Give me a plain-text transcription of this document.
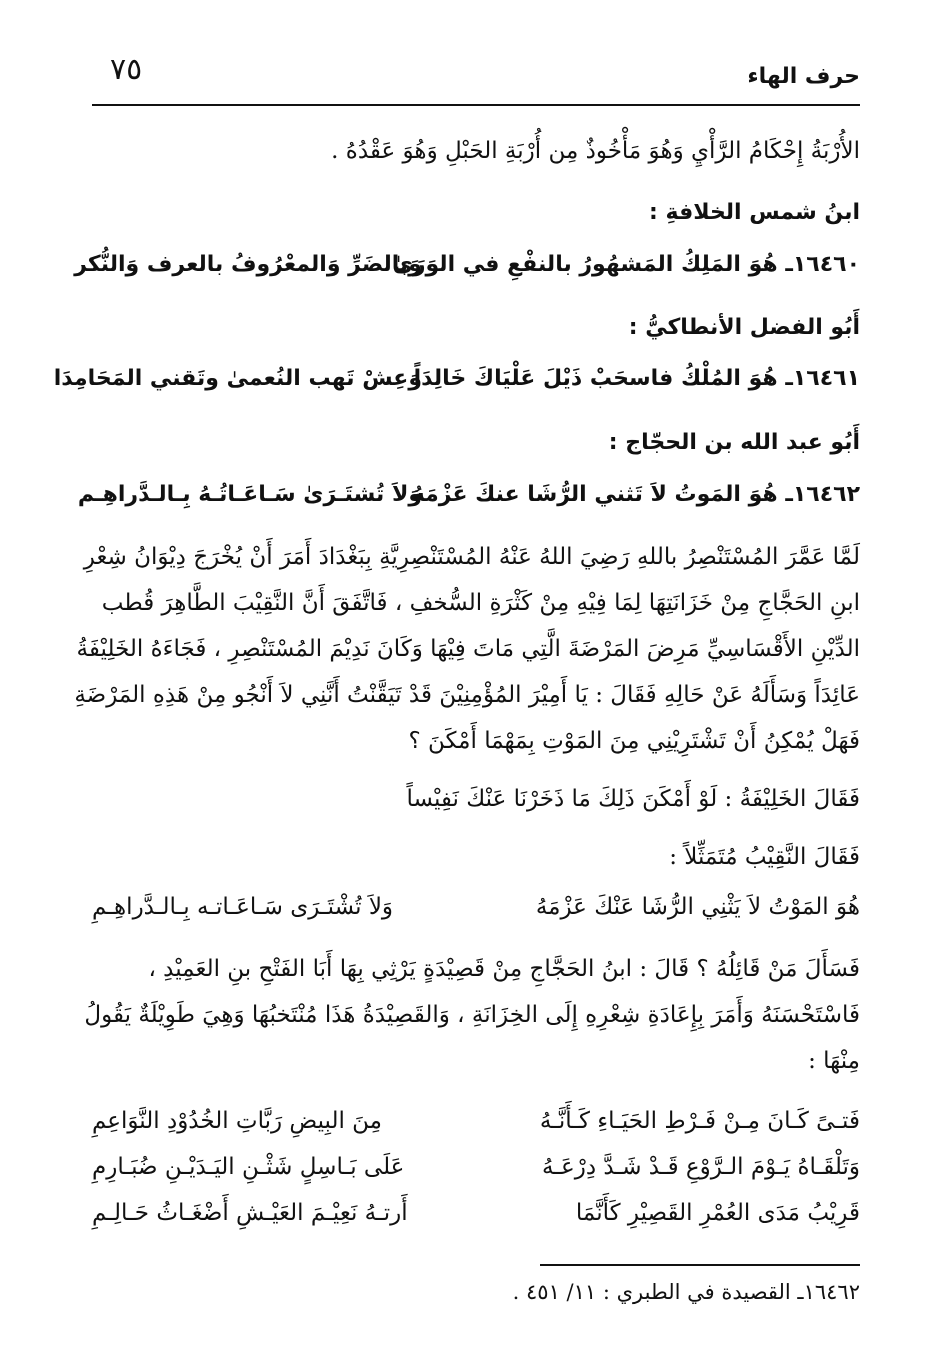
حرف الهاء
٧٥
الأُرْبَةُ إِحْكَامُ الرَّأْيِ وَهُوَ مَأْخُوذٌ مِن أُرْبَةِ الحَبْلِ وَهُوَ عَقْدُهُ .
ابنُ شمس الخلافةِ :
١٦٤٦٠ـ هُوَ المَلِكُ المَشهُورُ بالنفْعِ في الوَرَىٰ
وَبالضَرِّ وَالمعْرُوفُ بالعرف وَالنُّكر
أَبُو الفضل الأنطاكيُّ :
١٦٤٦١ـ هُوَ المُلْكُ فاسحَبْ ذَيْلَ عَلْيَاكَ خَالِدَاً
وَعِشْ تَهب النُعمىٰ وتَقني المَحَامِدَا
أَبُو عبد الله بن الحجّاج :
١٦٤٦٢ـ هُوَ المَوتُ لاَ تَثني الرُّشَا عنكَ عَزْمَهُ
وَلاَ تُشتَـرَىٰ سَـاعَـاتُـهُ بِـالـدَّراهِـم
لَمَّا عَمَّرَ المُسْتَنْصِرُ باللهِ رَضِيَ اللهُ عَنْهُ المُسْتَنْصِرِيَّةِ بِبَغْدَادَ أَمَرَ أَنْ يُخْرَجَ دِيْوَانُ شِعْرِ
ابنِ الحَجَّاجِ مِنْ خَزَانَتِهَا لِمَا فِيْهِ مِنْ كَثْرَةِ السُّخفِ ، فَاتَّفَقَ أَنَّ النَّقِيْبَ الطَّاهِرَ قُطب
الدِّيْنِ الأَقْسَاسِيِّ مَرِضَ المَرْضَةَ الَّتِي مَاتَ فِيْهَا وَكَانَ نَدِيْمَ المُسْتَنْصِرِ ، فَجَاءَهُ الخَلِيْفَةُ
عَائِدَاً وَسَأَلَهُ عَنْ حَالِهِ فَقَالَ : يَا أَمِيْرَ المُؤْمِنِيْنَ قَدْ تَيَقَّنْتُ أَنَّنِي لاَ أَنْجُو مِنْ هَذِهِ المَرْضَةِ
فَهَلْ يُمْكِنُ أَنْ تَشْتَرِيْنِي مِنَ المَوْتِ بِمَهْمَا أَمْكَنَ ؟
فَقَالَ الخَلِيْفَةُ : لَوْ أَمْكَنَ ذَلِكَ مَا ذَخَرْنَا عَنْكَ نَفِيْساً
فَقَالَ النَّقِيْبُ مُتَمَثِّلاً :
هُوَ المَوْتُ لاَ يَثْنِي الرُّشَا عَنْكَ عَزْمَهُ
وَلاَ تُشْتَـرَى سَـاعَـاتـه بِـالـدَّراهِـمِ
فَسَأَلَ مَنْ قَائِلُهُ ؟ قَالَ : ابنُ الحَجَّاجِ مِنْ قَصِيْدَةٍ يَرْثِي بِهَا أَبَا الفَتْحِ بنِ العَمِيْدِ ،
فَاسْتَحْسَنَهُ وَأَمَرَ بِإِعَادَةِ شِعْرِهِ إِلَى الخِزَانَةِ ، وَالقَصِيْدَةُ هَذَا مُنْتَخبُهَا وَهِيَ طَوِيْلَةٌ يَقُولُ
مِنْهَا :
فَتـىً كَـانَ مِـنْ فَـرْطِ الحَيَـاءِ كَـأَنَّـهُ
مِنَ البِيضِ رَبَّاتِ الخُدُوْدِ النَّوَاعِمِ
وَتَلْقَـاهُ يَـوْمَ الـرَّوْعِ قَـدْ شَـدَّ دِرْعَـهُ
عَلَى بَـاسِلٍ شَثْـنِ اليَـدَيْـنِ ضُبَـارِمِ
قَرِيْبُ مَدَى العُمْرِ القَصِيْرِ كَأَنَّمَا
أَرتـهُ نَعِيْـمَ العَيْـشِ أَضْغَـاثُ حَـالِـمِ
١٦٤٦٢ـ القصيدة في الطبري : ١١/ ٤٥١ .
